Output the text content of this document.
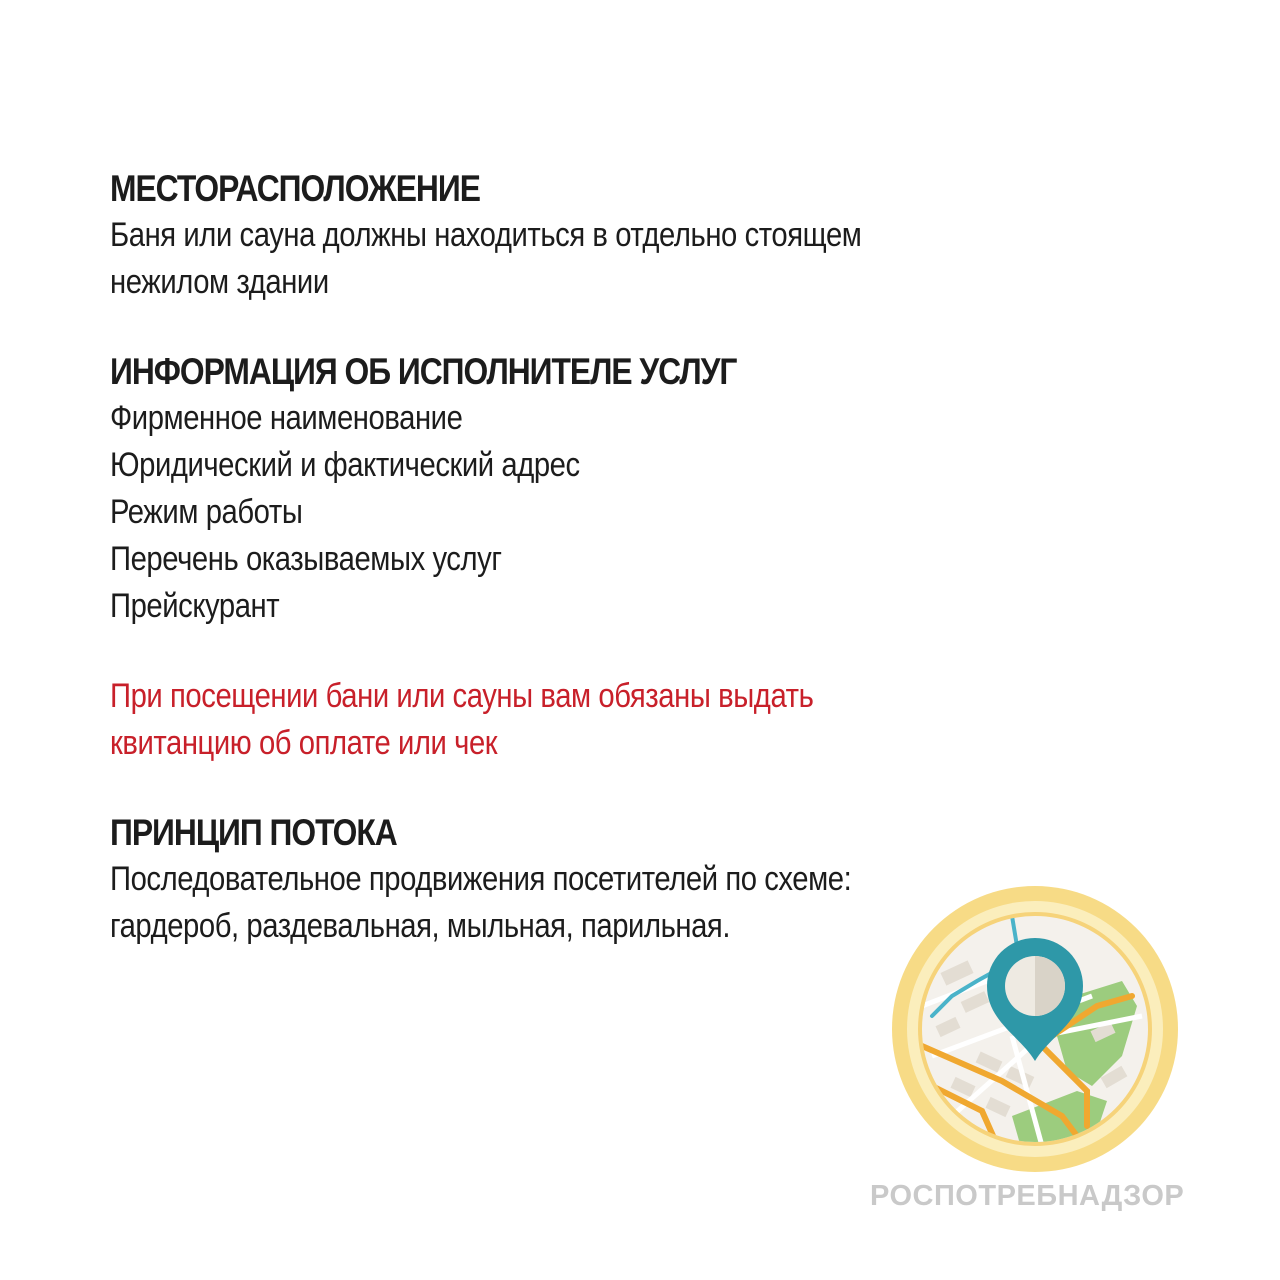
МЕСТОРАСПОЛОЖЕНИЕ

Баня или сауна должны находиться в отдельно стоящем

нежилом здании

ИНФОРМАЦИЯ ОБ ИСПОЛНИТЕЛЕ УСЛУГ

Фирменное наименование

Юридический и фактический адрес

Режим работы

Перечень оказываемых услуг

Прейскурант

При посещении бани или сауны вам обязаны выдать

квитанцию об оплате или чек

ПРИНЦИП ПОТОКА

Последовательное продвижения посетителей по схеме:

гардероб, раздевальная, мыльная, парильная.

РОСПОТРЕБНАДЗОР
